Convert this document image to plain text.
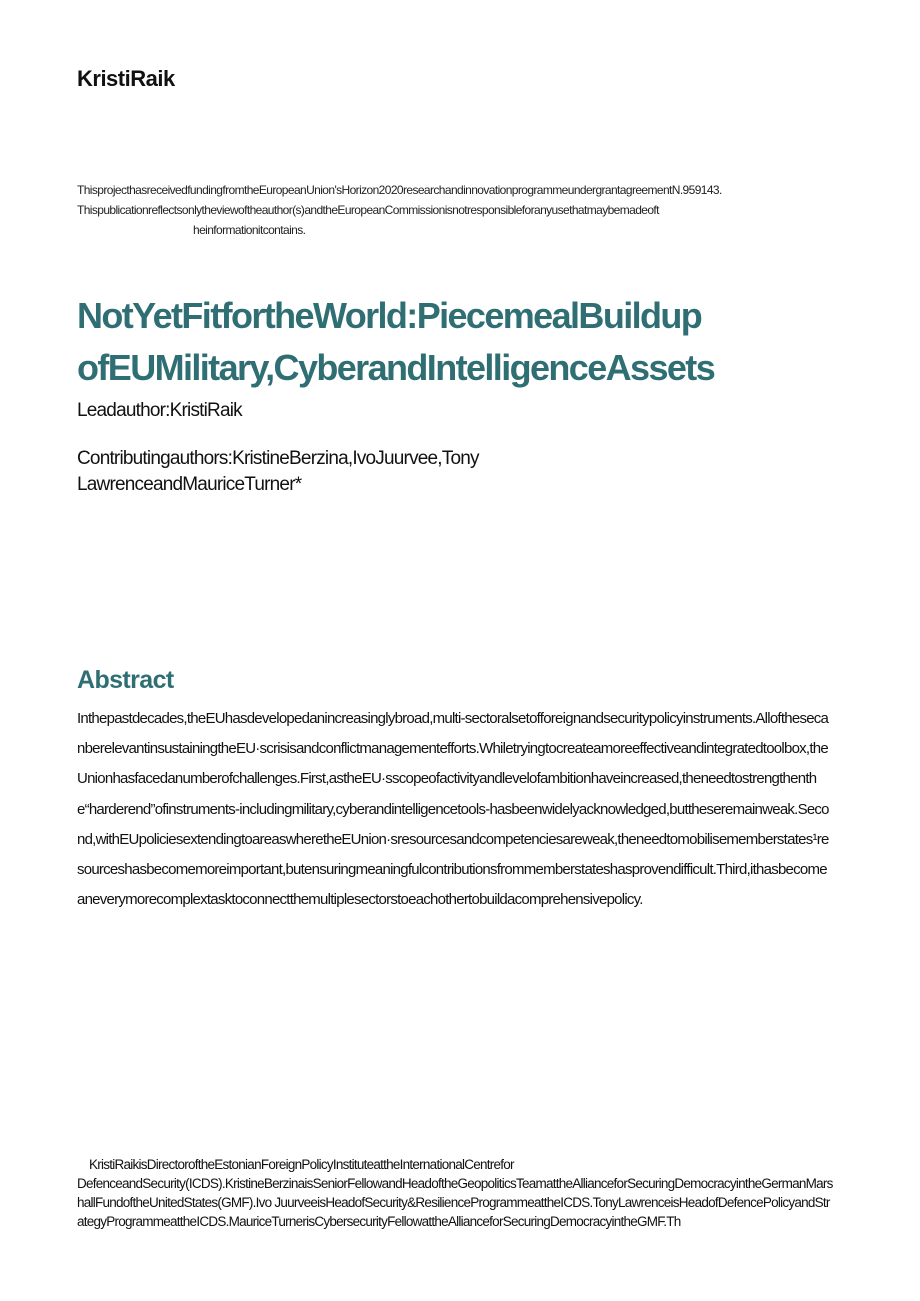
KristiRaik

ThisprojecthasreceivedfundingfromtheEuropeanUnion'sHorizon2020researchandinnovationprogrammeundergrantagreementN.959143.

Thispublicationreflectsonlytheviewoftheauthor(s)andtheEuropeanCommissionisnotresponsibleforanyusethatmaybemadeoft

heinformationitcontains.

NotYetFitfortheWorld:PiecemealBuildup
ofEUMilitary,CyberandIntelligenceAssets
Leadauthor:KristiRaik
Contributingauthors:KristineBerzina,IvoJuurvee,Tony LawrenceandMauriceTurner*
Abstract
Inthepastdecades,theEUhasdevelopedanincreasinglybroad,multi-sectoralsetofforeignandsecuritypolicyinstruments.AllofthesecanberelevantinsustainingtheEU·scrisisandconflictmanagementefforts.Whiletryingtocreateamoreeffectiveandintegratedtoolbox,theUnionhasfacedanumberofchallenges.First,astheEU·sscopeofactivityandlevelofambitionhaveincreased,theneedtostrengthenthe“harderend”ofinstruments-includingmilitary,cyberandintelligencetools-hasbeenwidelyacknowledged,buttheseremainweak.Second,withEUpoliciesextendingtoareaswheretheEUnion·sresourcesandcompetenciesareweak,theneedtomobilisememberstates¹resourceshasbecomemoreimportant,butensuringmeaningfulcontributionsfrommemberstateshasprovendifficult.Third,ithasbecomeaneverymorecomplextasktoconnectthemultiplesectorstoeachothertobuildacomprehensivepolicy.
KristiRaikisDirectoroftheEstonianForeignPolicyInstituteattheInternationalCentrefor
DefenceandSecurity(ICDS).KristineBerzinaisSeniorFellowandHeadoftheGeopoliticsTeamattheAllianceforSecuringDemocracyintheGermanMarshallFundoftheUnitedStates(GMF).Ivo JuurveeisHeadofSecurity&ResilienceProgrammeattheICDS.TonyLawrenceisHeadofDefencePolicyandStrategyProgrammeattheICDS.MauriceTurnerisCybersecurityFellowattheAllianceforSecuringDemocracyintheGMF.Th
